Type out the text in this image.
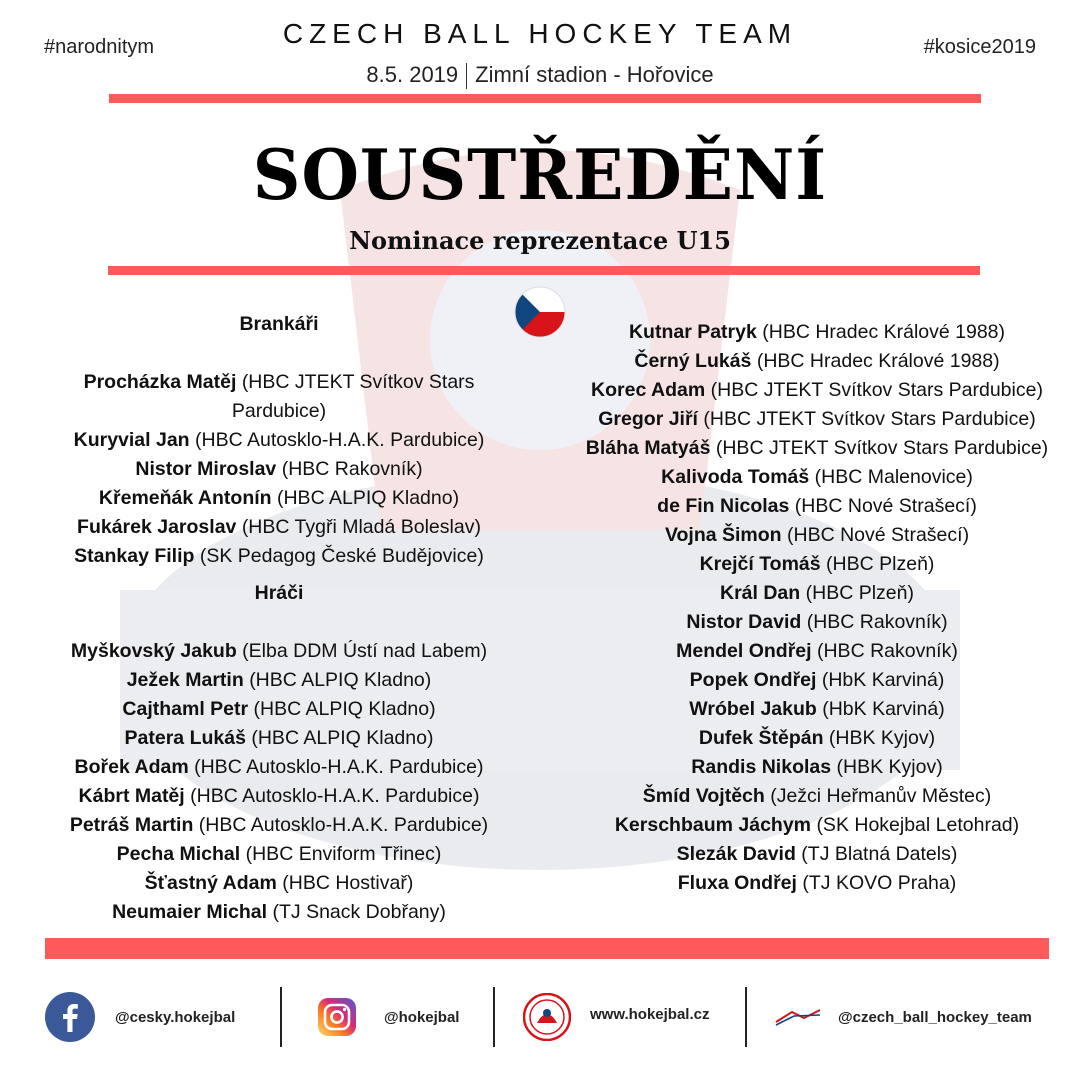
#narodnitym	#kosice2019
CZECH BALL HOCKEY TEAM
8.5. 2019 Zimní stadion - Hořovice
SOUSTŘEDĚNÍ
Nominace reprezentace U15
Brankáři
Procházka Matěj (HBC JTEKT Svítkov Stars Pardubice)
Kuryvial Jan (HBC Autosklo-H.A.K. Pardubice)
Nistor Miroslav (HBC Rakovník)
Křemeňák Antonín (HBC ALPIQ Kladno)
Fukárek Jaroslav (HBC Tygři Mladá Boleslav)
Stankay Filip (SK Pedagog České Budějovice)
Hráči
Myškovský Jakub (Elba DDM Ústí nad Labem)
Ježek Martin (HBC ALPIQ Kladno)
Cajthaml Petr (HBC ALPIQ Kladno)
Patera Lukáš (HBC ALPIQ Kladno)
Bořek Adam (HBC Autosklo-H.A.K. Pardubice)
Kábrt Matěj (HBC Autosklo-H.A.K. Pardubice)
Petráš Martin (HBC Autosklo-H.A.K. Pardubice)
Pecha Michal (HBC Enviform Třinec)
Šťastný Adam (HBC Hostivař)
Neumaier Michal (TJ Snack Dobřany)
Kutnar Patryk (HBC Hradec Králové 1988)
Černý Lukáš (HBC Hradec Králové 1988)
Korec Adam (HBC JTEKT Svítkov Stars Pardubice)
Gregor Jiří (HBC JTEKT Svítkov Stars Pardubice)
Bláha Matyáš (HBC JTEKT Svítkov Stars Pardubice)
Kalivoda Tomáš (HBC Malenovice)
de Fin Nicolas (HBC Nové Strašecí)
Vojna Šimon (HBC Nové Strašecí)
Krejčí Tomáš (HBC Plzeň)
Král Dan (HBC Plzeň)
Nistor David (HBC Rakovník)
Mendel Ondřej (HBC Rakovník)
Popek Ondřej (HbK Karviná)
Wróbel Jakub (HbK Karviná)
Dufek Štěpán (HBK Kyjov)
Randis Nikolas (HBK Kyjov)
Šmíd Vojtěch (Ježci Heřmanův Městec)
Kerschbaum Jáchym (SK Hokejbal Letohrad)
Slezák David (TJ Blatná Datels)
Fluxa Ondřej (TJ KOVO Praha)
@cesky.hokejbal	@hokejbal	www.hokejbal.cz	@czech_ball_hockey_team
